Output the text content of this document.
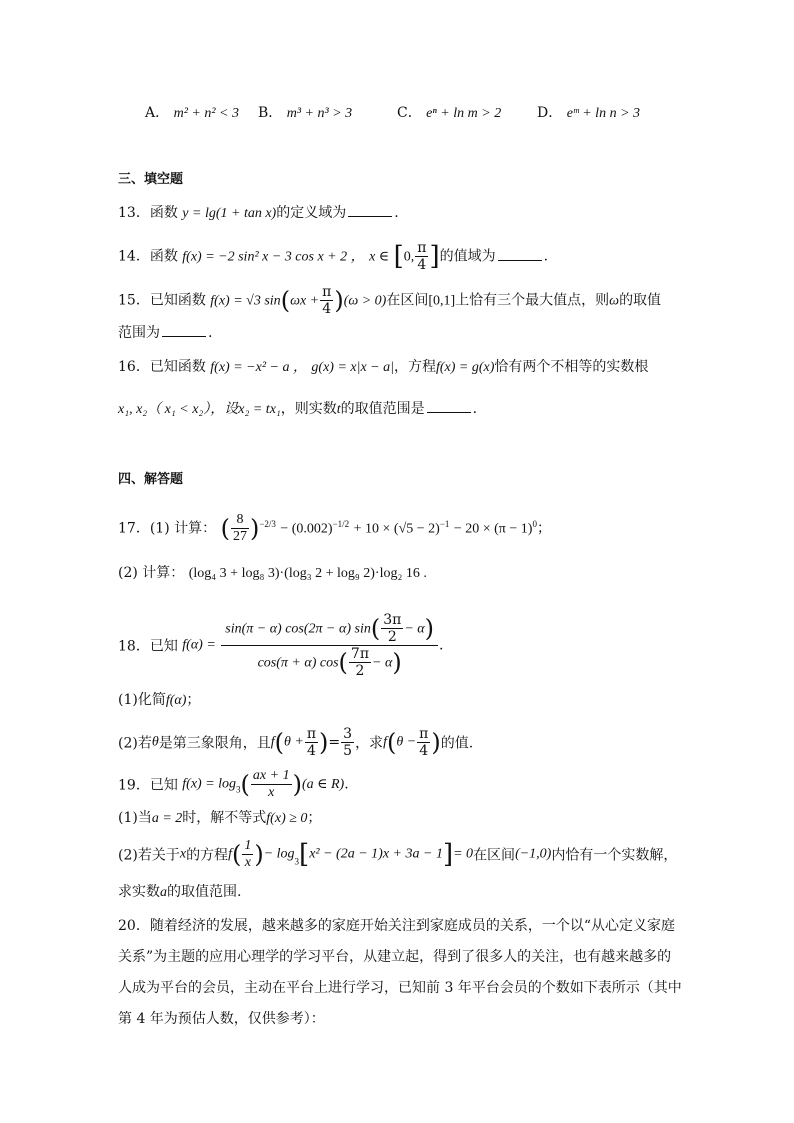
A． m² + n² < 3 B． m³ + n³ > 3	C． eⁿ + ln m > 2	D． eᵐ + ln n > 3
三、填空题
13．函数 y = lg(1 + tan x)的定义域为	.
14．函数 f(x) = −2 sin² x − 3 cos x + 2 ， x ∈ [0, $\frac{\pi}{4}$ ]的值域为	.
15．已知函数 f(x) = √3 $\sin(\omega x + \frac{\pi}{4} )(\omega > 0)$在区间[0,1]上恰有三个最大值点，则ω的取值
范围为	.
16．已知函数 f(x) = −x² − a ， g(x) = x|x − a|，方程f(x) = g(x)恰有两个不相等的实数根
x₁, x₂（ x₁ < x₂），设x₂ = tx₁，则实数t的取值范围是	.
四、解答题
17．(1) 计算： ( $\frac{8}{27} )^{-2/3} - (0.002)^{-1/2} + 10 \times (√5 - 2)^{-1} - 20 \times (\pi - 1)^0$；
(2) 计算： (log₄ 3 + log₈ 3)·(log₃ 2 + log₉ 2)·log₂ 16 .
18．已知 $f(\alpha) = \frac{\sin(\pi - \alpha) \cos(2\pi - \alpha) \sin( \frac{3\pi}{2} - \alpha)}{\cos(\pi + \alpha) \cos( \frac{7\pi}{2} - \alpha)}$ .
(1)化简f(α)；
(2)若θ是第三象限角，且$f(\theta + \frac{\pi}{4}$ )= $\frac{3}{5}$ ，求$f(\theta - \frac{\pi}{4}$ )的值.
19．已知 $f(x) = \log_3( \frac{ax + 1}{x} )(a$ ∈ R).
(1)当a = 2时，解不等式f(x) ≥ 0；
(2)若关于x的方程$f( \frac{1}{x}$ )− $\log_3[x^2 - (2a - 1)x + 3a - 1]= 0$在区间(−1,0)内恰有一个实数解，
求实数a的取值范围.
20．随着经济的发展，越来越多的家庭开始关注到家庭成员的关系，一个以“从心定义家庭
关系”为主题的应用心理学的学习平台，从建立起，得到了很多人的关注，也有越来越多的
人成为平台的会员，主动在平台上进行学习，已知前 3 年平台会员的个数如下表所示（其中
第 4 年为预估人数，仅供参考）：
